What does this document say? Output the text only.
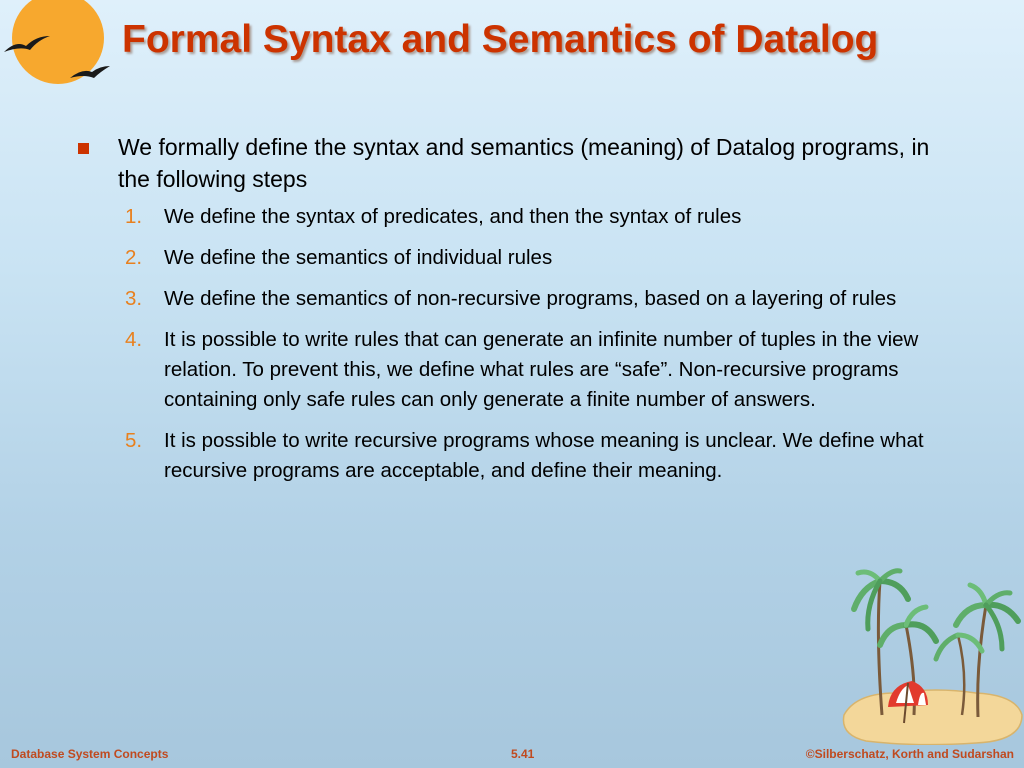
Formal Syntax and Semantics of Datalog
We formally define the syntax and semantics (meaning) of Datalog programs, in the following steps
1. We define the syntax of predicates, and then the syntax of rules
2. We define the semantics of individual rules
3. We define the semantics of non-recursive programs, based on a layering of rules
4. It is possible to write rules that can generate an infinite number of tuples in the view relation. To prevent this, we define what rules are “safe”. Non-recursive programs containing only safe rules can only generate a finite number of answers.
5. It is possible to write recursive programs whose meaning is unclear. We define what recursive programs are acceptable, and define their meaning.
Database System Concepts	5.41	©Silberschatz, Korth and Sudarshan
